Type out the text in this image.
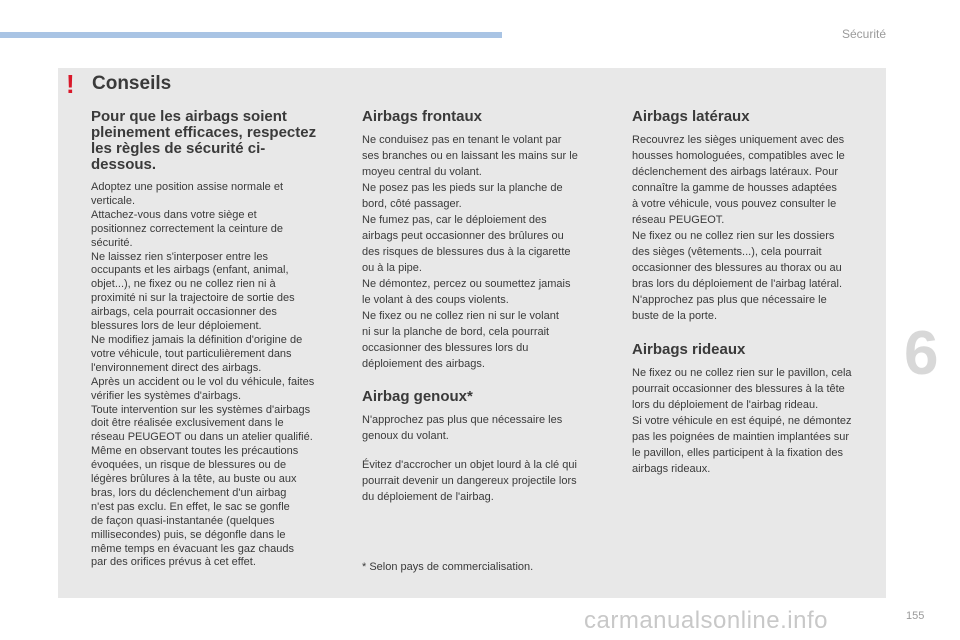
Sécurité
! Conseils

Pour que les airbags soient
pleinement efficaces, respectez
les règles de sécurité ci-
dessous.

Adoptez une position assise normale et
verticale.
Attachez-vous dans votre siège et
positionnez correctement la ceinture de
sécurité.
Ne laissez rien s'interposer entre les
occupants et les airbags (enfant, animal,
objet...), ne fixez ou ne collez rien ni à
proximité ni sur la trajectoire de sortie des
airbags, cela pourrait occasionner des
blessures lors de leur déploiement.
Ne modifiez jamais la définition d'origine de
votre véhicule, tout particulièrement dans
l'environnement direct des airbags.
Après un accident ou le vol du véhicule, faites
vérifier les systèmes d'airbags.
Toute intervention sur les systèmes d'airbags
doit être réalisée exclusivement dans le
réseau PEUGEOT ou dans un atelier qualifié.
Même en observant toutes les précautions
évoquées, un risque de blessures ou de
légères brûlures à la tête, au buste ou aux
bras, lors du déclenchement d'un airbag
n'est pas exclu. En effet, le sac se gonfle
de façon quasi-instantanée (quelques
millisecondes) puis, se dégonfle dans le
même temps en évacuant les gaz chauds
par des orifices prévus à cet effet.

Airbags frontaux

Ne conduisez pas en tenant le volant par
ses branches ou en laissant les mains sur le
moyeu central du volant.
Ne posez pas les pieds sur la planche de
bord, côté passager.
Ne fumez pas, car le déploiement des
airbags peut occasionner des brûlures ou
des risques de blessures dus à la cigarette
ou à la pipe.
Ne démontez, percez ou soumettez jamais
le volant à des coups violents.
Ne fixez ou ne collez rien ni sur le volant
ni sur la planche de bord, cela pourrait
occasionner des blessures lors du
déploiement des airbags.

Airbag genoux*

N'approchez pas plus que nécessaire les
genoux du volant.

Évitez d'accrocher un objet lourd à la clé qui
pourrait devenir un dangereux projectile lors
du déploiement de l'airbag.

* Selon pays de commercialisation.
Airbags latéraux

Recouvrez les sièges uniquement avec des
housses homologuées, compatibles avec le
déclenchement des airbags latéraux. Pour
connaître la gamme de housses adaptées
à votre véhicule, vous pouvez consulter le
réseau PEUGEOT.
Ne fixez ou ne collez rien sur les dossiers
des sièges (vêtements...), cela pourrait
occasionner des blessures au thorax ou au
bras lors du déploiement de l'airbag latéral.
N'approchez pas plus que nécessaire le
buste de la porte.

Airbags rideaux

Ne fixez ou ne collez rien sur le pavillon, cela
pourrait occasionner des blessures à la tête
lors du déploiement de l'airbag rideau.
Si votre véhicule en est équipé, ne démontez
pas les poignées de maintien implantées sur
le pavillon, elles participent à la fixation des
airbags rideaux.

6
carmanualsonline.info	155
